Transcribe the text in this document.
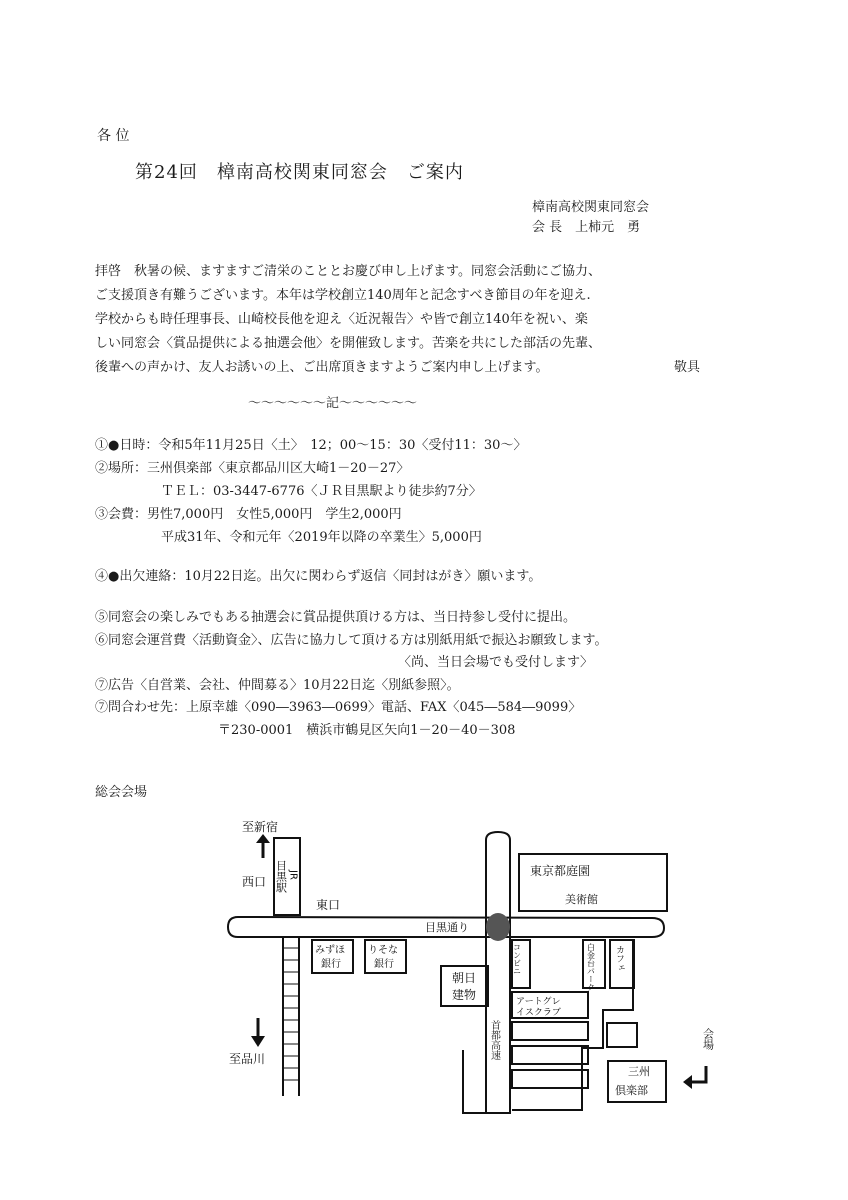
各 位
第24回　樟南高校関東同窓会　ご案内
樟南高校関東同窓会
会 長　上柿元　勇
拝啓　秋暑の候、ますますご清栄のこととお慶び申し上げます。同窓会活動にご協力、
ご支援頂き有難うございます。本年は学校創立140周年と記念すべき節目の年を迎え.
学校からも時任理事長、山崎校長他を迎え〈近況報告〉や皆で創立140年を祝い、楽
しい同窓会〈賞品提供による抽選会他〉を開催致します。苦楽を共にした部活の先輩、
後輩への声かけ、友人お誘いの上、ご出席頂きますようご案内申し上げます。	敬具
～～～～～～記～～～～～～
①●日時：令和5年11月25日〈土〉　12；00～15：30〈受付11：30～〉
②場所：三州倶楽部〈東京都品川区大崎1－20－27〉
ＴＥＬ：03-3447-6776〈ＪＲ目黒駅より徒歩約7分〉
③会費：男性7,000円　女性5,000円　学生2,000円
平成31年、令和元年〈2019年以降の卒業生〉5,000円
④●出欠連絡：10月22日迄。出欠に関わらず返信〈同封はがき〉願います。
⑤同窓会の楽しみでもある抽選会に賞品提供頂ける方は、当日持参し受付に提出。
⑥同窓会運営費〈活動資金〉、広告に協力して頂ける方は別紙用紙で振込お願致します。
〈尚、当日会場でも受付します〉
⑦広告〈自営業、会社、仲間募る〉10月22日迄〈別紙参照〉。
⑦問合わせ先：上原幸雄〈090―3963―0699〉電話、FAX〈045―584―9099〉
〒230-0001　横浜市鶴見区矢向1－20－40－308
総会会場
至新宿
西口 目黒駅 JR
東口
目黒通り
みずほ
銀行
りそな
銀行
朝日
建物
東京都庭園
美術館
コンビニ	白金台パーク カフェ
アートグレ
イスクラブ
首都高速
至品川
会場
三州
倶楽部
